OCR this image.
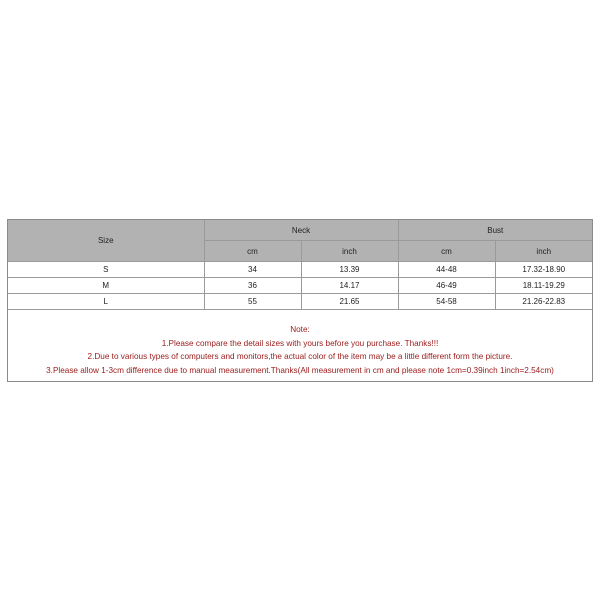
Size	Neck		Bust	
	cm	inch	cm	inch
S	34	13.39	44-48	17.32-18.90
M	36	14.17	46-49	18.11-19.29
L	55	21.65	54-58	21.26-22.83
Note:
1.Please compare the detail sizes with yours before you purchase. Thanks!!!
2.Due to various types of computers and monitors,the actual color of the item may be a little different form the picture.
3.Please allow 1-3cm difference due to manual measurement.Thanks(All measurement in cm and please note 1cm=0.39inch 1inch=2.54cm)
